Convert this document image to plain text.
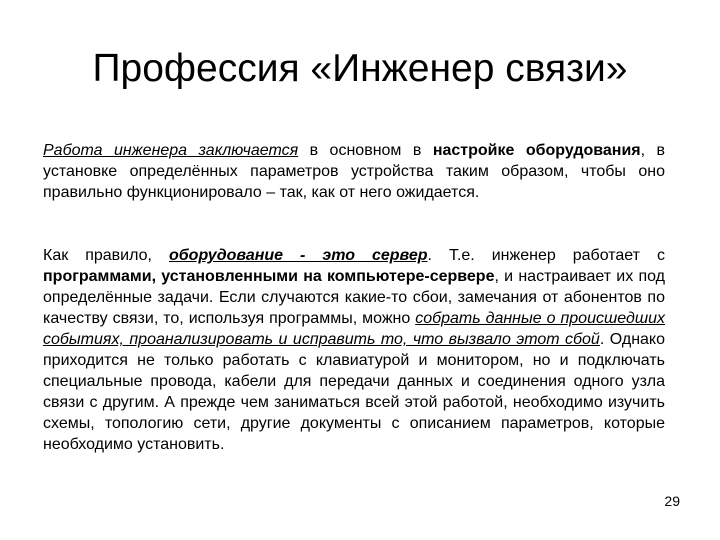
Профессия «Инженер связи»

Работа инженера заключается в основном в настройке оборудования, в установке определённых параметров устройства таким образом, чтобы оно правильно функционировало – так, как от него ожидается.

Как правило, оборудование - это сервер. Т.е. инженер работает с программами, установленными на компьютере-сервере, и настраивает их под определённые задачи. Если случаются какие-то сбои, замечания от абонентов по качеству связи, то, используя программы, можно собрать данные о происшедших событиях, проанализировать и исправить то, что вызвало этот сбой. Однако приходится не только работать с клавиатурой и монитором, но и подключать специальные провода, кабели для передачи данных и соединения одного узла связи с другим. А прежде чем заниматься всей этой работой, необходимо изучить схемы, топологию сети, другие документы с описанием параметров, которые необходимо установить.

29
